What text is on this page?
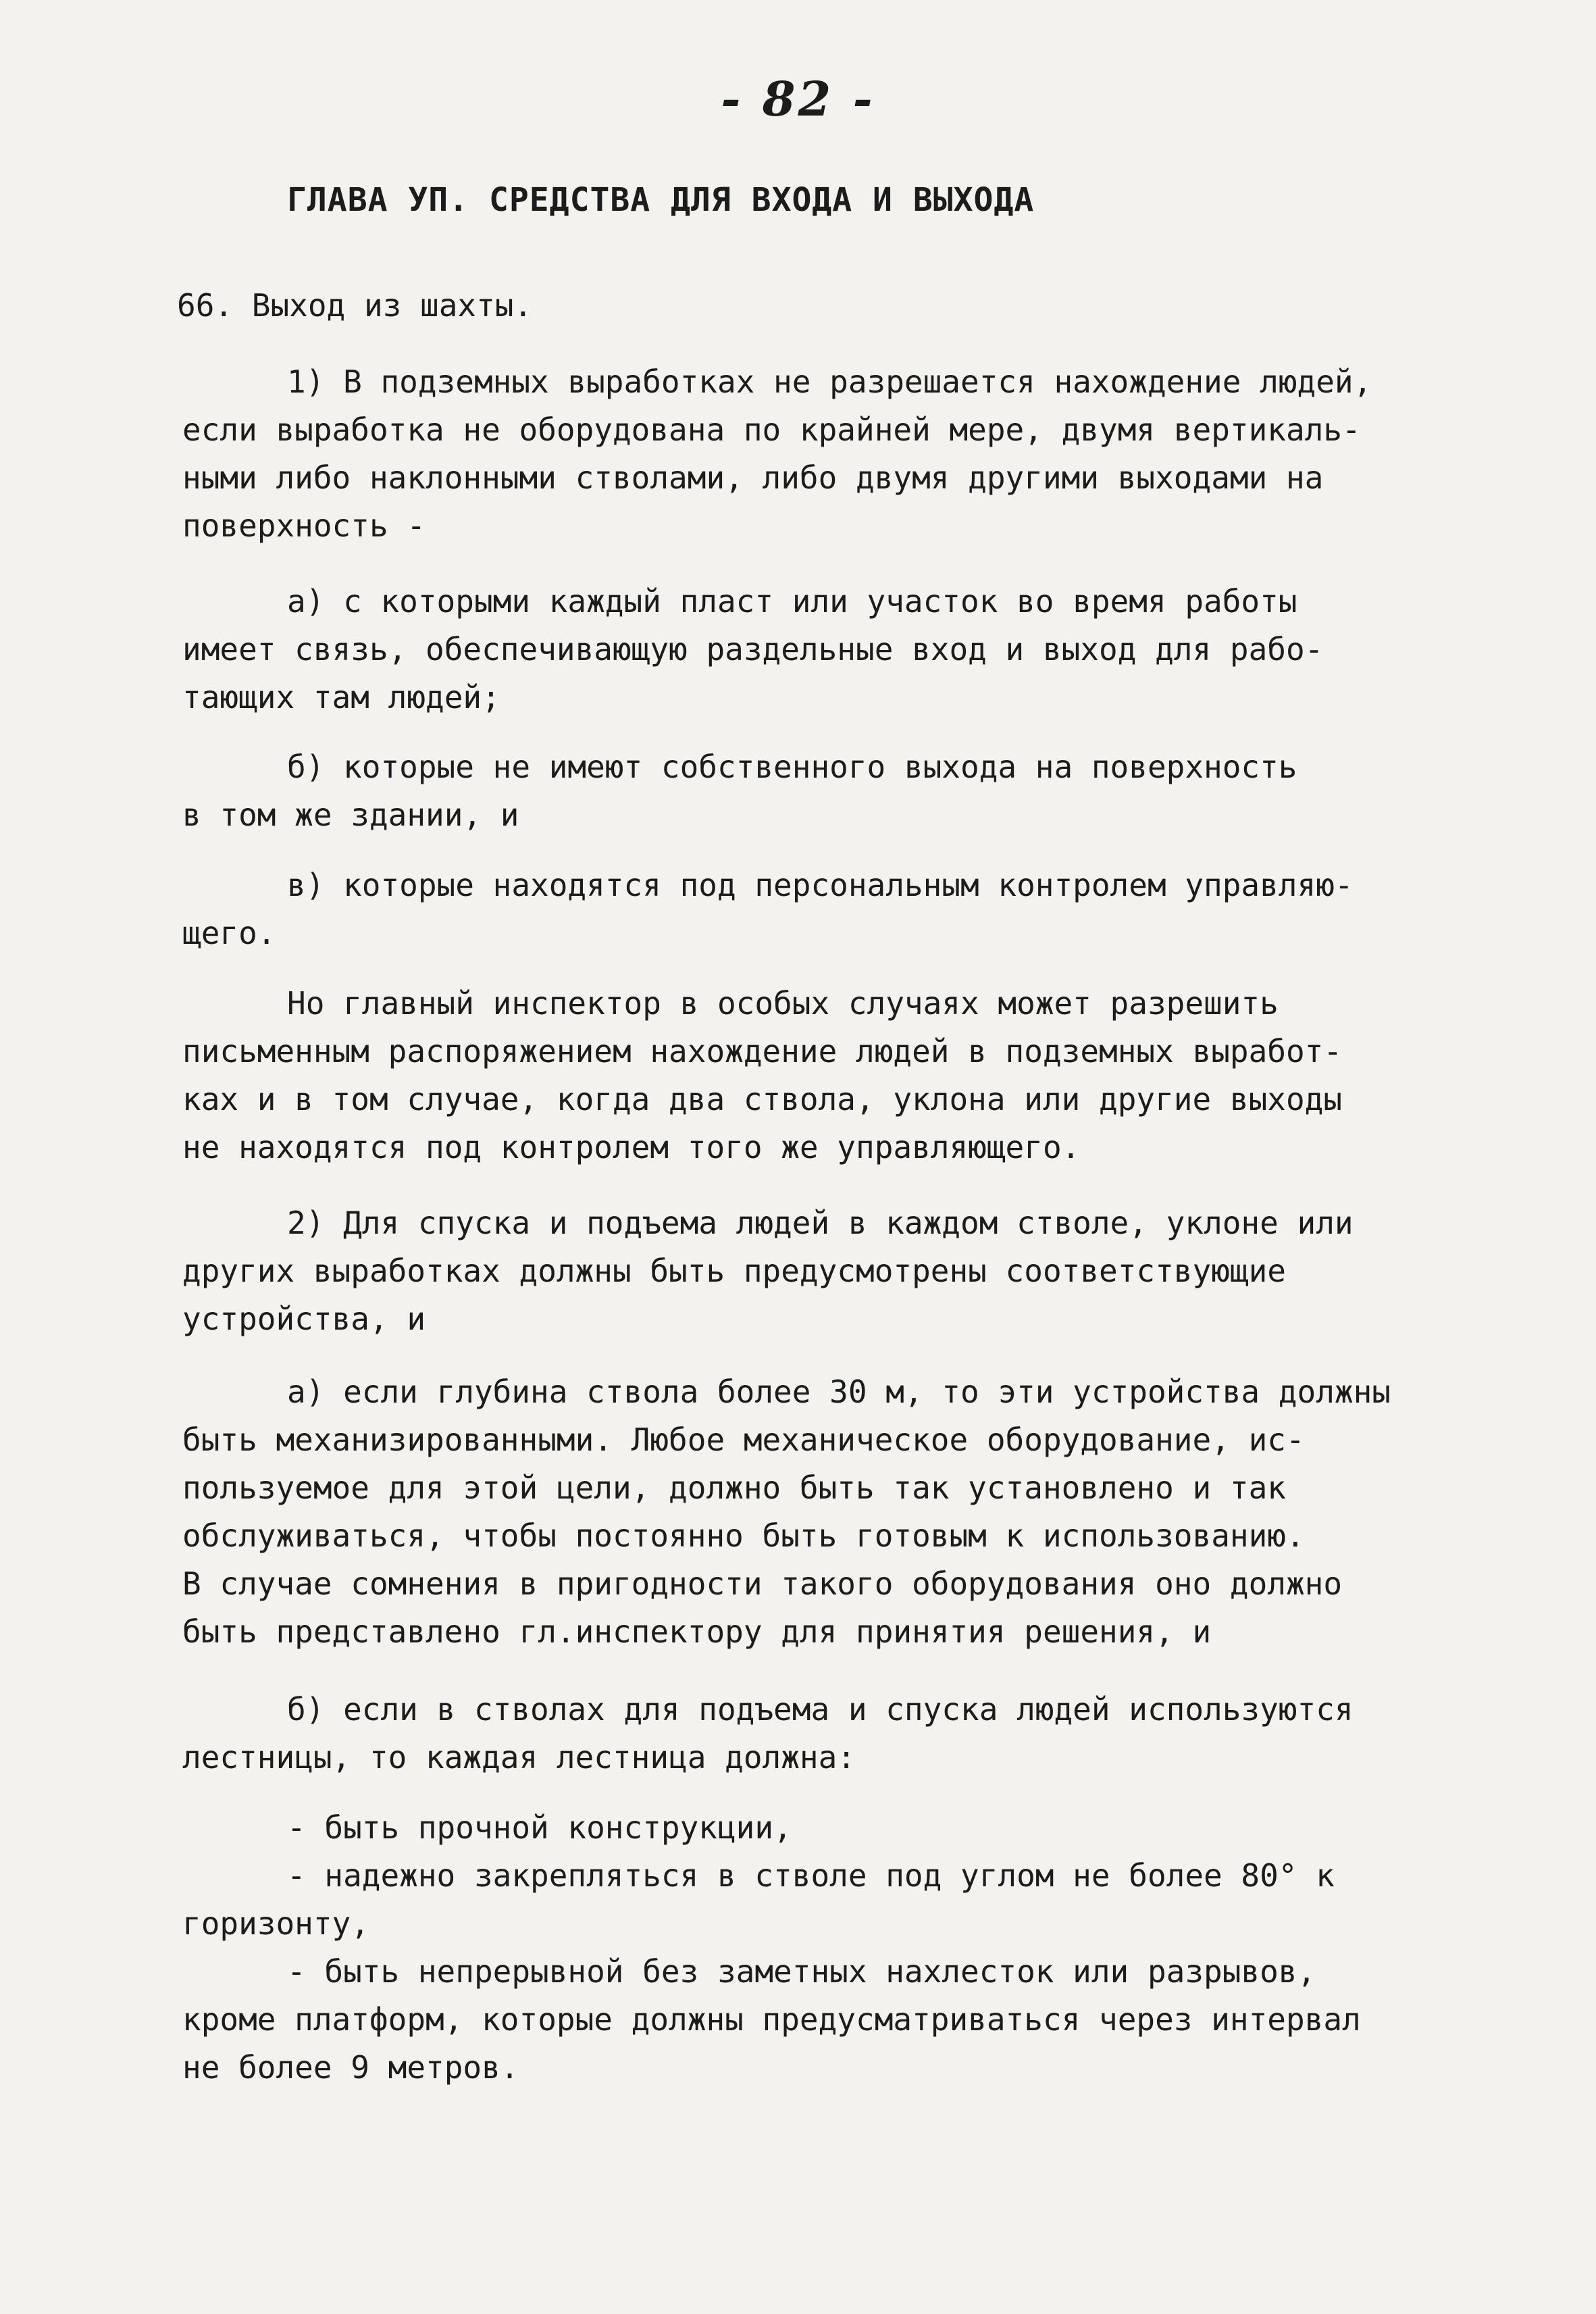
- 82 -
ГЛАВА УП. СРЕДСТВА ДЛЯ ВХОДА И ВЫХОДА
66. Выход из шахты.
1) В подземных выработках не разрешается нахождение людей,
если выработка не оборудована по крайней мере, двумя вертикаль-
ными либо наклонными стволами, либо двумя другими выходами на
поверхность -
а) с которыми каждый пласт или участок во время работы
имеет связь, обеспечивающую раздельные вход и выход для рабо-
тающих там людей;
б) которые не имеют собственного выхода на поверхность
в том же здании, и
в) которые находятся под персональным контролем управляю-
щего.
Но главный инспектор в особых случаях может разрешить
письменным распоряжением нахождение людей в подземных выработ-
ках и в том случае, когда два ствола, уклона или другие выходы
не находятся под контролем того же управляющего.
2) Для спуска и подъема людей в каждом стволе, уклоне или
других выработках должны быть предусмотрены соответствующие
устройства, и
а) если глубина ствола более 30 м, то эти устройства должны
быть механизированными. Любое механическое оборудование, ис-
пользуемое для этой цели, должно быть так установлено и так
обслуживаться, чтобы постоянно быть готовым к использованию.
В случае сомнения в пригодности такого оборудования оно должно
быть представлено гл.инспектору для принятия решения, и
б) если в стволах для подъема и спуска людей используются
лестницы, то каждая лестница должна:
- быть прочной конструкции,
- надежно закрепляться в стволе под углом не более 80° к
горизонту,
- быть непрерывной без заметных нахлесток или разрывов,
кроме платформ, которые должны предусматриваться через интервал
не более 9 метров.
